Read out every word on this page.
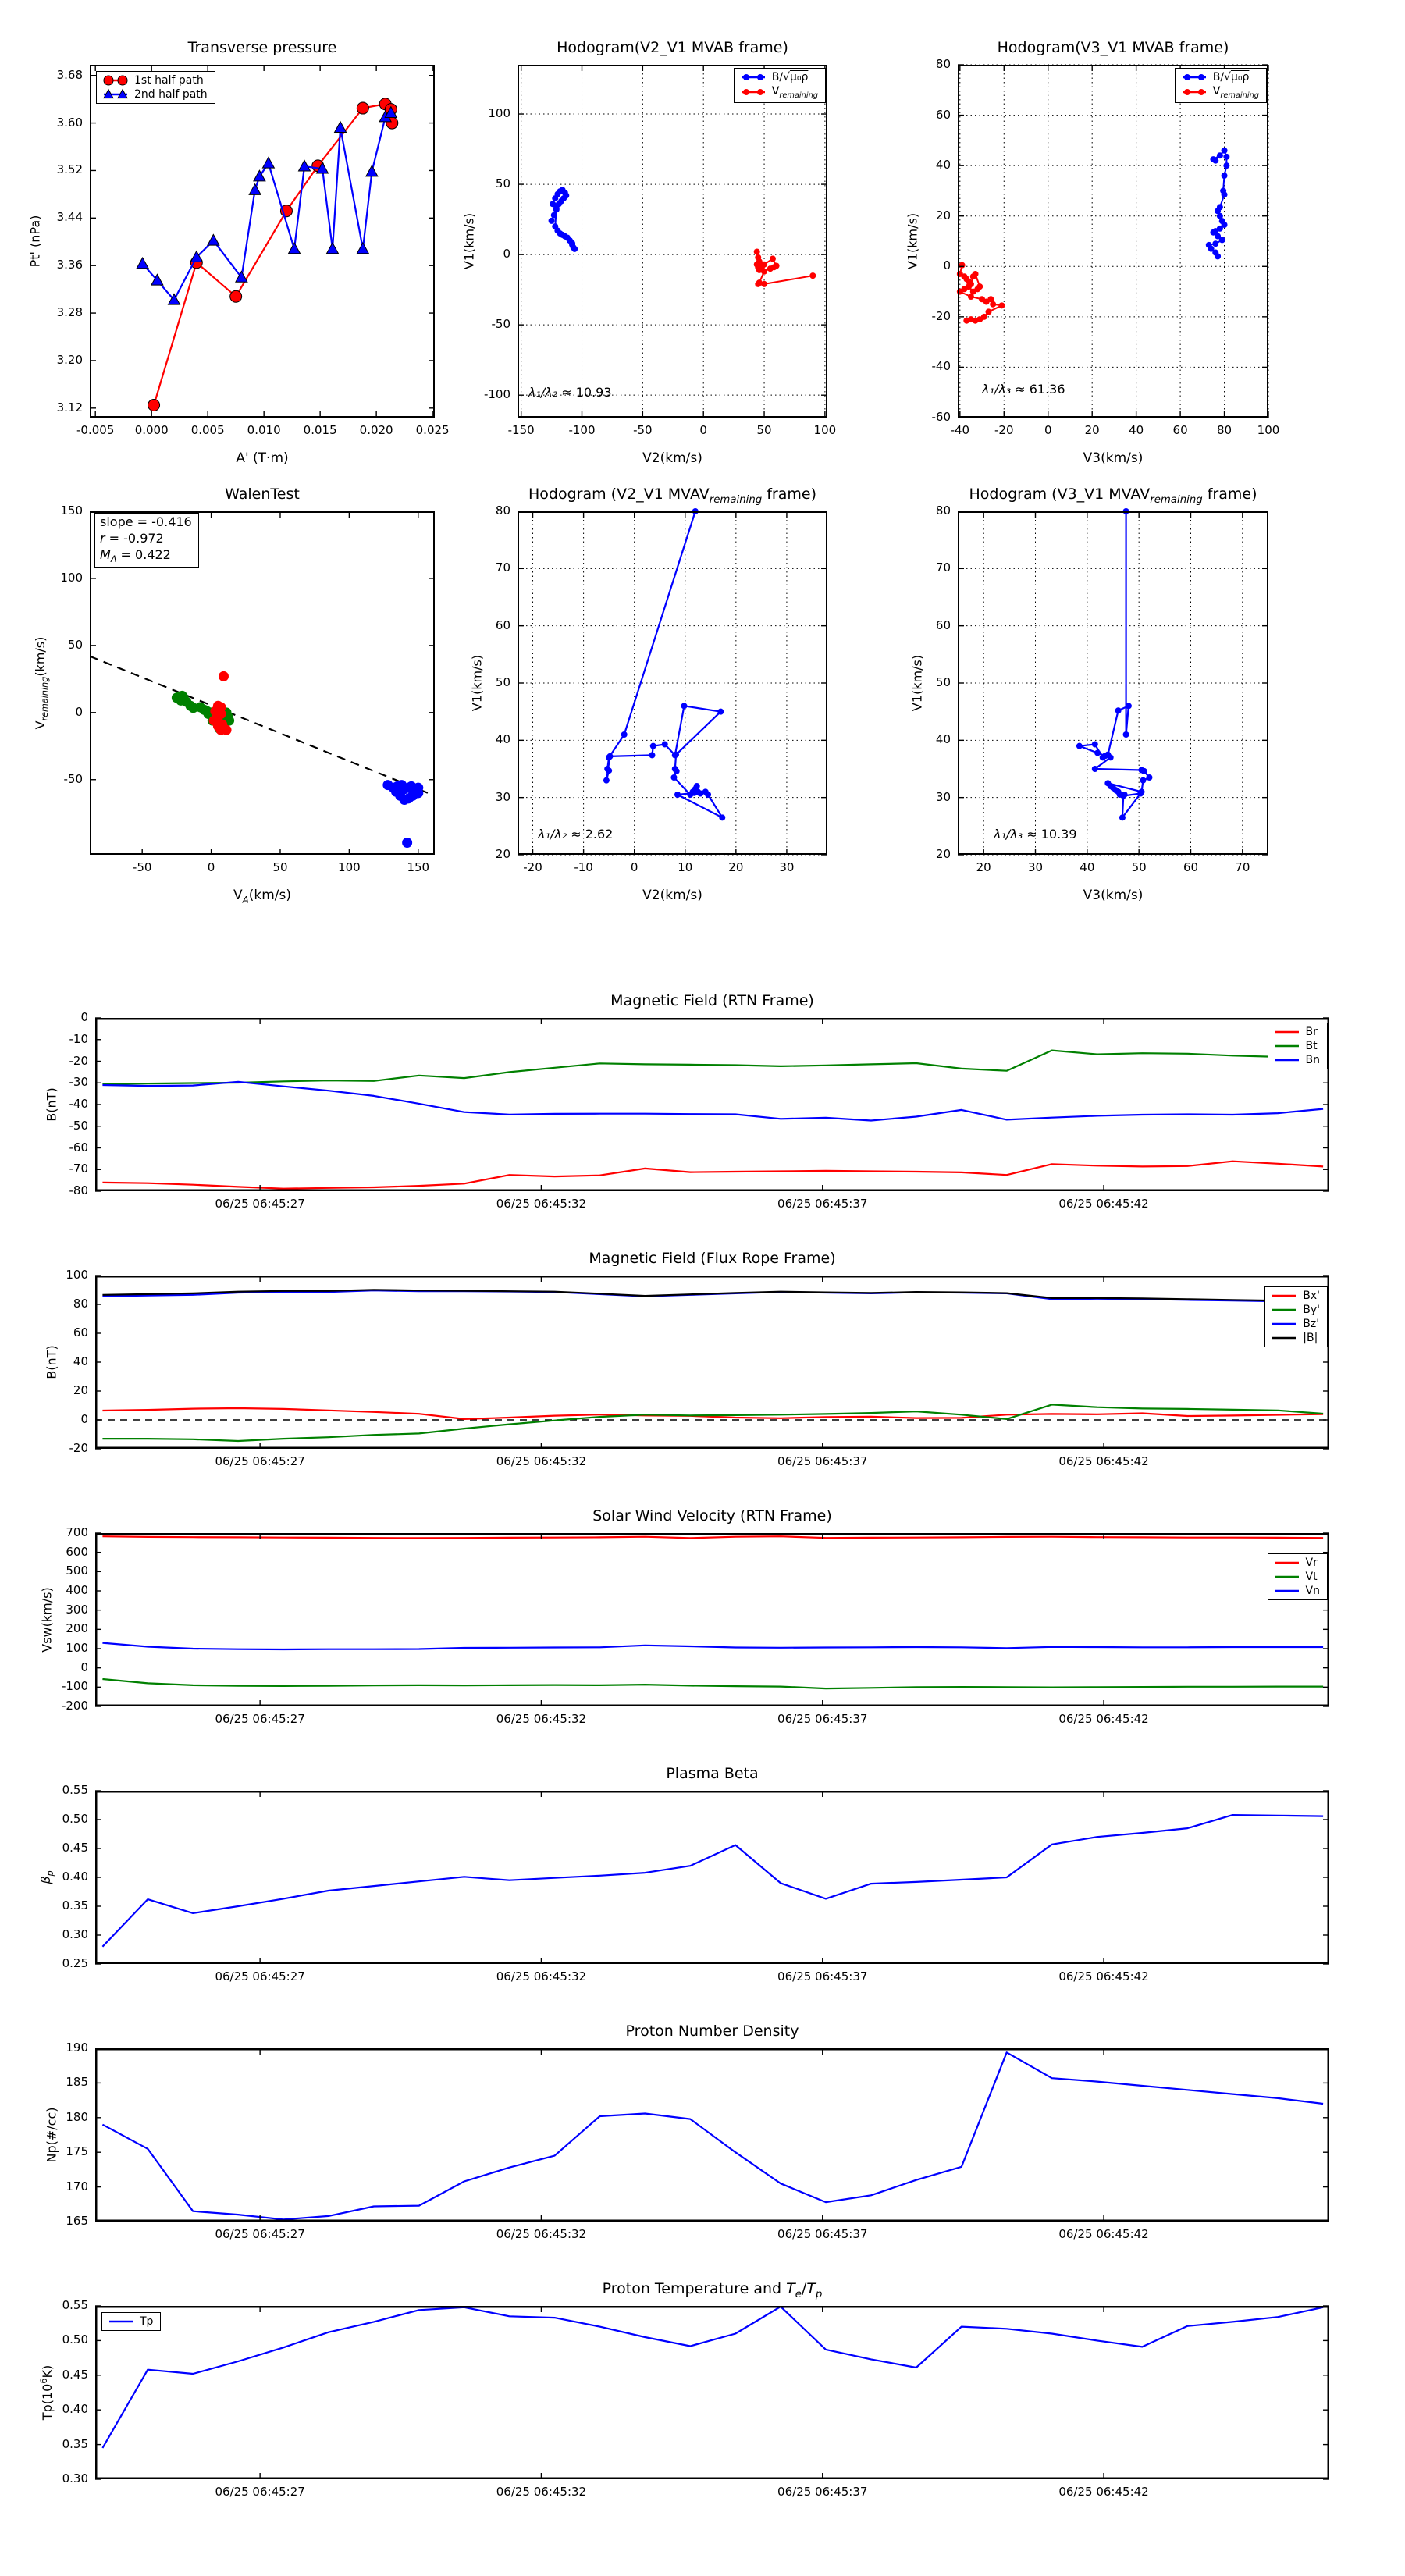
-0.005 0.000 0.005 0.010 0.015 0.020 0.025
3.12
3.20
3.28
3.36
3.44
3.52
3.60
3.68
Transverse pressure
A' (T·m)
Pt' (nPa)
1st half path
2nd half path
-150	-100	-50	0	50	100
-100
-50
0
50
100
Hodogram(V2_V1 MVAB frame)
V2(km/s)
V1(km/s)
λ₁/λ₂ ≈ 10.93
B/√μ₀ρ
$V_{remaining}$
-40 -20	0	20 40 60 80 100
-60
-40
-20
0
20
40
60
80
Hodogram(V3_V1 MVAB frame)
V3(km/s)
V1(km/s)
λ₁/λ₃ ≈ 61.36
B/√μ₀ρ
$V_{remaining}$
-50	0	50	100	150
-50
0
50
100
150
WalenTest
$V_A(km/s)$
$V_{remaining}(km/s)$
slope = -0.416
r = -0.972
$M_A = 0.422$
-20	-10	0	10	20	30
20
30
40
50
60
70
80
Hodogram (V2_V1 $MVAV_{remaining}$ frame)
V2(km/s)
V1(km/s)
λ₁/λ₂ ≈ 2.62
20	30	40	50	60	70
20
30
40
50
60
70
80
Hodogram (V3_V1 $MVAV_{remaining}$ frame)
V3(km/s)
V1(km/s)
λ₁/λ₃ ≈ 10.39
06/25 06:45:27	06/25 06:45:32	06/25 06:45:37	06/25 06:45:42
0
-10
-20
-30
-40
-50
-60
-70
-80
Magnetic Field (RTN Frame)
B(nT)
Br
Bt
Bn
06/25 06:45:27	06/25 06:45:32	06/25 06:45:37	06/25 06:45:42
100
80
60
40
20
0
-20
Magnetic Field (Flux Rope Frame)
B(nT)
Bx'
By'
Bz'
|B|
06/25 06:45:27	06/25 06:45:32	06/25 06:45:37	06/25 06:45:42
700
600
500
400
300
200
100
0
-100
-200
Solar Wind Velocity (RTN Frame)
Vsw(km/s)
Vr
Vt
Vn
06/25 06:45:27	06/25 06:45:32	06/25 06:45:37	06/25 06:45:42
0.55
0.50
0.45
0.40
0.35
0.30
0.25
Plasma Beta
$\beta_p$
06/25 06:45:27	06/25 06:45:32	06/25 06:45:37	06/25 06:45:42
190
185
180
175
170
165
Proton Number Density
Np(#/cc)
06/25 06:45:27	06/25 06:45:32	06/25 06:45:37	06/25 06:45:42
0.55
0.50
0.45
0.40
0.35
0.30
Proton Temperature and $T_e/T_p$
$Tp(10^6K)$
Tp
